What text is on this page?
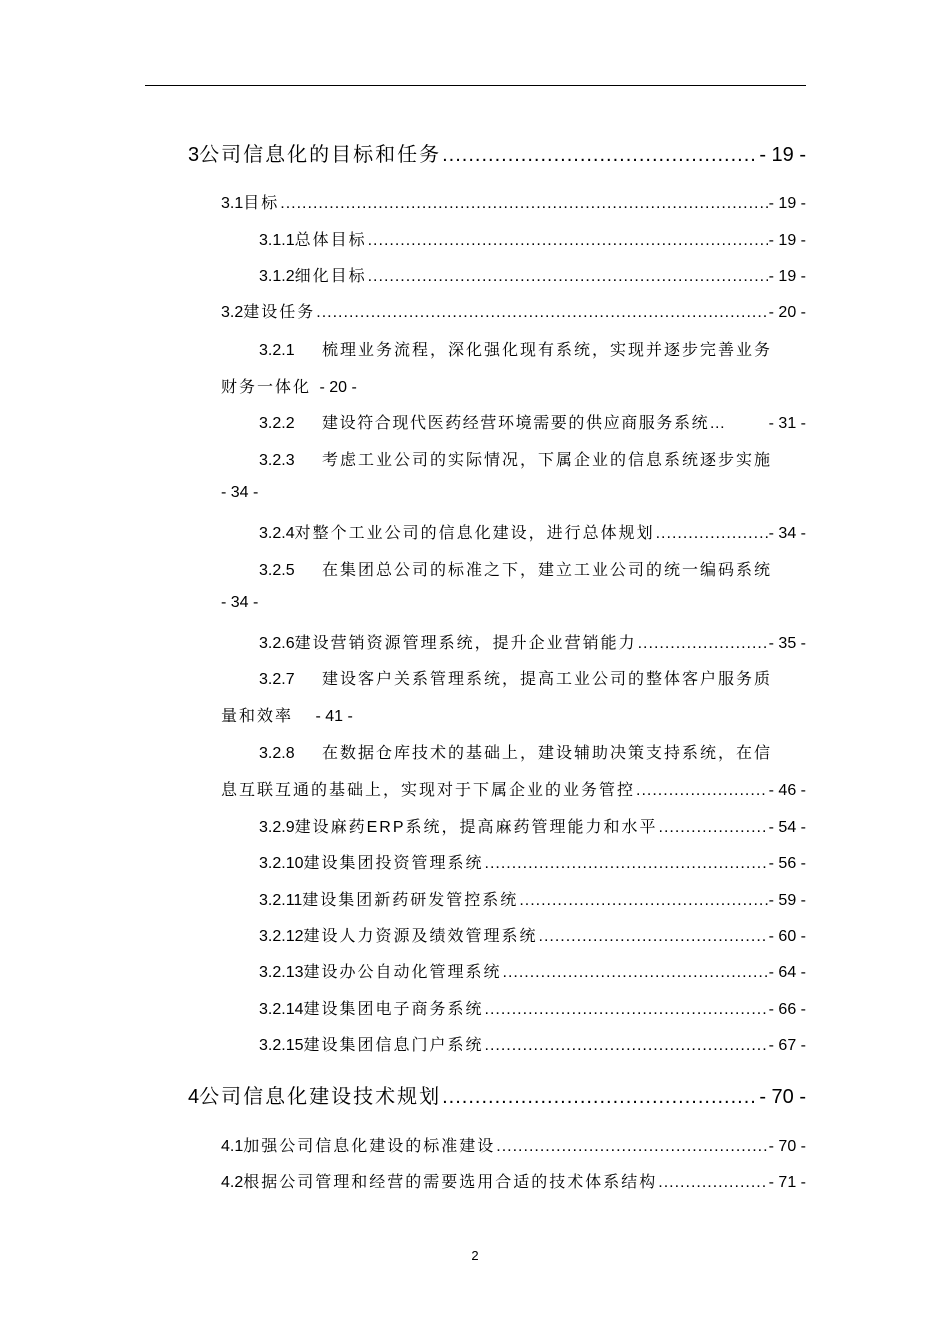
3 公司信息化的目标和任务 .....	- 19 -
3.1 目标 .....	- 19 -
3.1.1 总体目标 .....	- 19 -
3.1.2 细化目标 .....	- 19 -
3.2 建设任务 .....	- 20 -
3.2.1 梳理业务流程，深化强化现有系统，实现并逐步完善业务
财务一体化 - 20 -
3.2.2	建设符合现代医药经营环境需要的供应商服务系统…	- 31 -
3.2.3 考虑工业公司的实际情况，下属企业的信息系统逐步实施
- 34 -
3.2.4 对整个工业公司的信息化建设，进行总体规划 .....	- 34 -
3.2.5 在集团总公司的标准之下，建立工业公司的统一编码系统
- 34 -
3.2.6 建设营销资源管理系统，提升企业营销能力 .....	- 35 -
3.2.7 建设客户关系管理系统，提高工业公司的整体客户服务质
量和效率 - 41 -
3.2.8 在数据仓库技术的基础上，建设辅助决策支持系统，在信
息互联互通的基础上，实现对于下属企业的业务管控 .....	- 46 -
3.2.9 建设麻药ERP系统，提高麻药管理能力和水平 .....	- 54 -
3.2.10 建设集团投资管理系统 .....	- 56 -
3.2.11 建设集团新药研发管控系统 .....	- 59 -
3.2.12 建设人力资源及绩效管理系统 .....	- 60 -
3.2.13 建设办公自动化管理系统 .....	- 64 -
3.2.14 建设集团电子商务系统 .....	- 66 -
3.2.15 建设集团信息门户系统 .....	- 67 -
4 公司信息化建设技术规划 .....	- 70 -
4.1 加强公司信息化建设的标准建设 .....	- 70 -
4.2 根据公司管理和经营的需要选用合适的技术体系结构 .....	- 71 -
2
